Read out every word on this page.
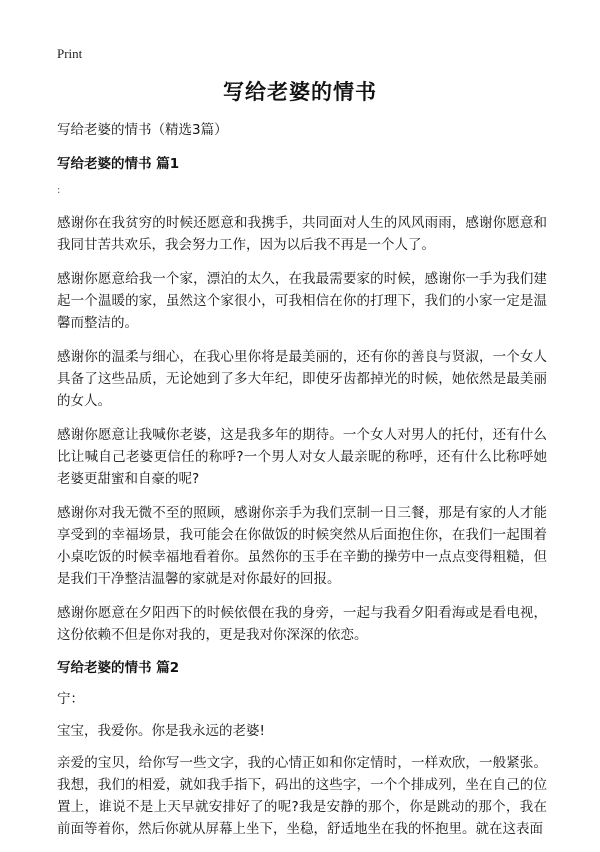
Print
写给老婆的情书
写给老婆的情书（精选3篇）
写给老婆的情书 篇1
:

感谢你在我贫穷的时候还愿意和我携手，共同面对人生的风风雨雨，感谢你愿意和我同甘苦共欢乐，我会努力工作，因为以后我不再是一个人了。

感谢你愿意给我一个家，漂泊的太久，在我最需要家的时候，感谢你一手为我们建起一个温暖的家，虽然这个家很小，可我相信在你的打理下，我们的小家一定是温馨而整洁的。

感谢你的温柔与细心，在我心里你将是最美丽的，还有你的善良与贤淑，一个女人具备了这些品质，无论她到了多大年纪，即使牙齿都掉光的时候，她依然是最美丽的女人。

感谢你愿意让我喊你老婆，这是我多年的期待。一个女人对男人的托付，还有什么比让喊自己老婆更信任的称呼?一个男人对女人最亲昵的称呼，还有什么比称呼她老婆更甜蜜和自豪的呢?

感谢你对我无微不至的照顾，感谢你亲手为我们烹制一日三餐，那是有家的人才能享受到的幸福场景，我可能会在你做饭的时候突然从后面抱住你，在我们一起围着小桌吃饭的时候幸福地看着你。虽然你的玉手在辛勤的操劳中一点点变得粗糙，但是我们干净整洁温馨的家就是对你最好的回报。

感谢你愿意在夕阳西下的时候依偎在我的身旁，一起与我看夕阳看海或是看电视，这份依赖不但是你对我的，更是我对你深深的依恋。

写给老婆的情书 篇2

宁：

宝宝，我爱你。你是我永远的老婆!

亲爱的宝贝，给你写一些文字，我的心情正如和你定情时，一样欢欣，一般紧张。我想，我们的相爱，就如我手指下，码出的这些字，一个个排成列，坐在自己的位置上，谁说不是上天早就安排好了的呢?我是安静的那个，你是跳动的那个，我在前面等着你，然后你就从屏幕上坐下，坐稳，舒适地坐在我的怀抱里。就在这表面
